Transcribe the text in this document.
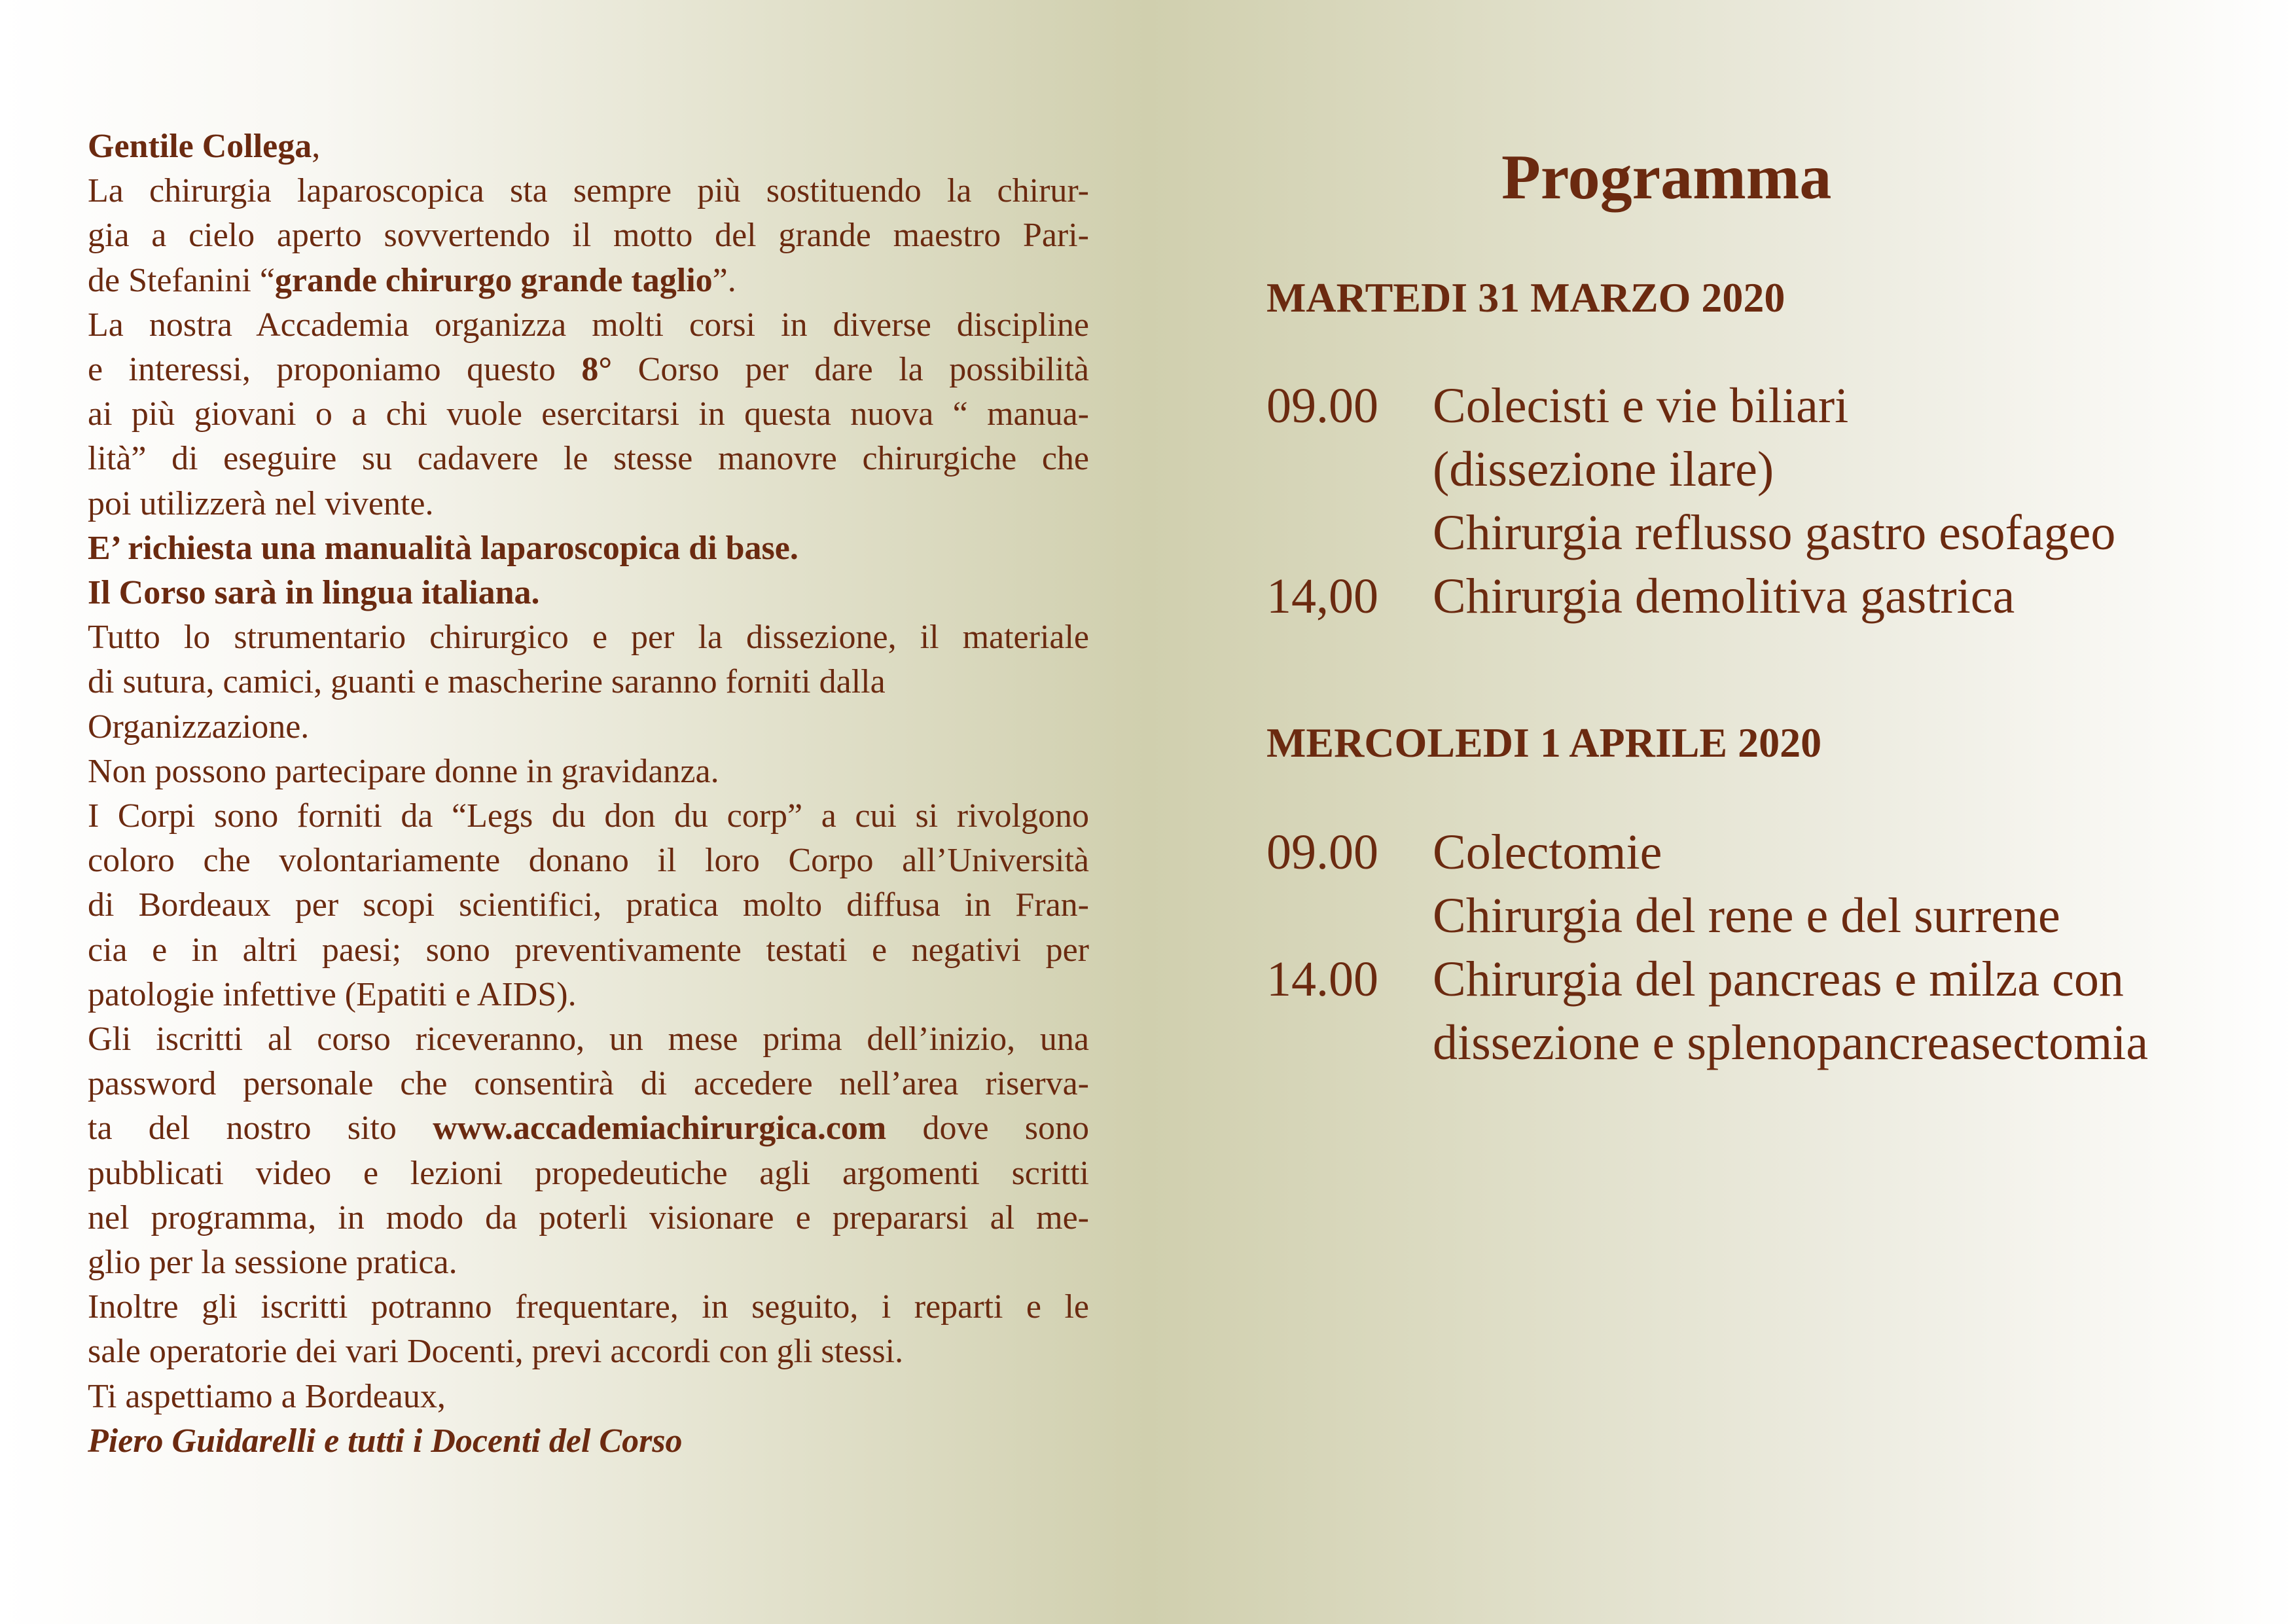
Gentile Collega,
La chirurgia laparoscopica sta sempre più sostituendo la chirur-
gia a cielo aperto sovvertendo il motto del grande maestro Pari-
de Stefanini “grande chirurgo grande taglio”.
La nostra Accademia organizza molti corsi in diverse discipline
e interessi, proponiamo questo 8° Corso per dare la possibilità
ai più giovani o a chi vuole esercitarsi in questa nuova “ manua-
lità” di eseguire su cadavere le stesse manovre chirurgiche che
poi utilizzerà nel vivente.
E’ richiesta una manualità laparoscopica di base.
Il Corso sarà in lingua italiana.
Tutto lo strumentario chirurgico e per la dissezione, il materiale
di sutura, camici, guanti e mascherine saranno forniti dalla
Organizzazione.
Non possono partecipare donne in gravidanza.
I Corpi sono forniti da “Legs du don du corp” a cui si rivolgono
coloro che volontariamente donano il loro Corpo all’Università
di Bordeaux per scopi scientifici, pratica molto diffusa in Fran-
cia e in altri paesi; sono preventivamente testati e negativi per
patologie infettive (Epatiti e AIDS).
Gli iscritti al corso riceveranno, un mese prima dell’inizio, una
password personale che consentirà di accedere nell’area riserva-
ta del nostro sito www.accademiachirurgica.com dove sono
pubblicati video e lezioni propedeutiche agli argomenti scritti
nel programma, in modo da poterli visionare e prepararsi al me-
glio per la sessione pratica.
Inoltre gli iscritti potranno frequentare, in seguito, i reparti e le
sale operatorie dei vari Docenti, previ accordi con gli stessi.
Ti aspettiamo a Bordeaux,
Piero Guidarelli e tutti i Docenti del Corso
Programma
MARTEDI 31 MARZO 2020
09.00	Colecisti e vie biliari
(dissezione ilare)
Chirurgia reflusso gastro esofageo
14,00	Chirurgia demolitiva gastrica
MERCOLEDI 1 APRILE 2020
09.00	Colectomie
Chirurgia del rene e del surrene
14.00	Chirurgia del pancreas e milza con
dissezione e splenopancreasectomia
